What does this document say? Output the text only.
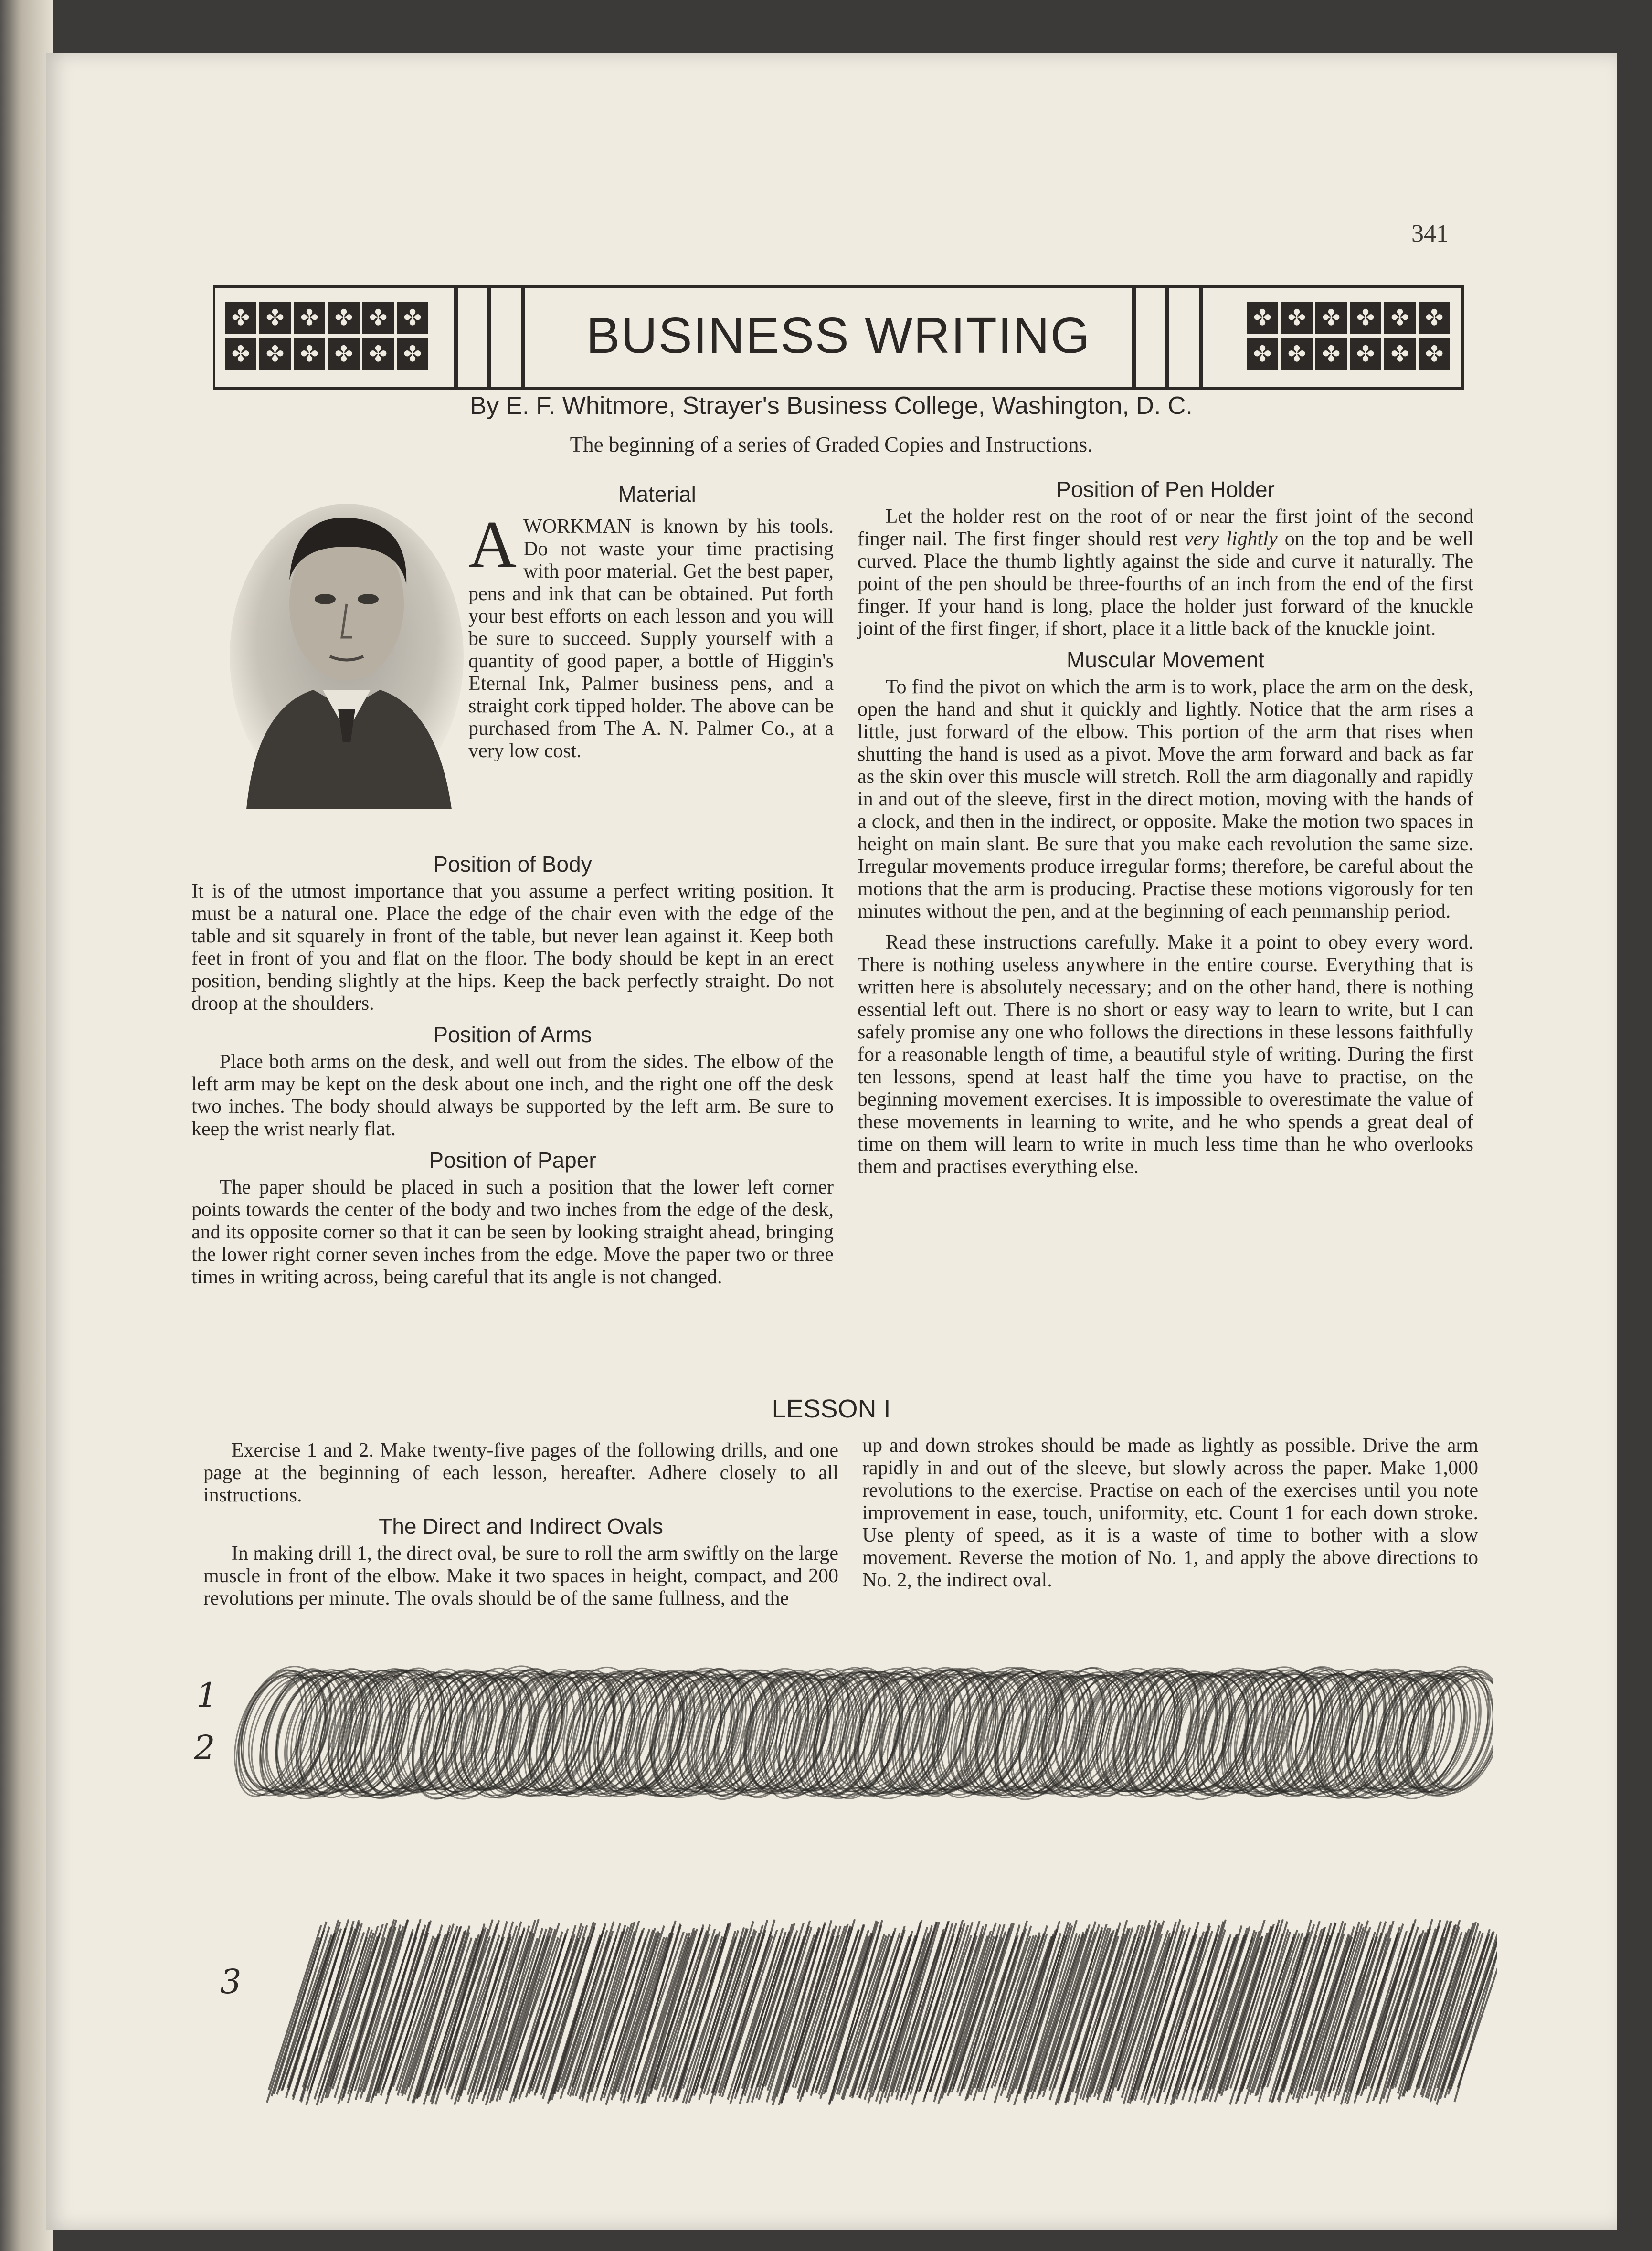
341
✤ ✤ ✤ ✤ ✤ ✤
✤ ✤ ✤ ✤ ✤ ✤	BUSINESS WRITING	✤ ✤ ✤ ✤ ✤ ✤
✤ ✤ ✤ ✤ ✤ ✤
By E. F. Whitmore, Strayer's Business College, Washington, D. C.
The beginning of a series of Graded Copies and Instructions.
Material
AWORKMAN is known by his tools. Do not waste your time practising with poor material. Get the best paper, pens and ink that can be obtained. Put forth your best efforts on each lesson and you will be sure to succeed. Supply yourself with a quantity of good paper, a bottle of Higgin's Eternal Ink, Palmer business pens, and a straight cork tipped holder. The above can be purchased from The A. N. Palmer Co., at a very low cost.
Position of Body

It is of the utmost importance that you assume a perfect writing position. It must be a natural one. Place the edge of the chair even with the edge of the table and sit squarely in front of the table, but never lean against it. Keep both feet in front of you and flat on the floor. The body should be kept in an erect position, bending slightly at the hips. Keep the back perfectly straight. Do not droop at the shoulders.

Position of Arms

Place both arms on the desk, and well out from the sides. The elbow of the left arm may be kept on the desk about one inch, and the right one off the desk two inches. The body should always be supported by the left arm. Be sure to keep the wrist nearly flat.

Position of Paper

The paper should be placed in such a position that the lower left corner points towards the center of the body and two inches from the edge of the desk, and its opposite corner so that it can be seen by looking straight ahead, bringing the lower right corner seven inches from the edge. Move the paper two or three times in writing across, being careful that its angle is not changed.

Position of Pen Holder

Let the holder rest on the root of or near the first joint of the second finger nail. The first finger should rest very lightly on the top and be well curved. Place the thumb lightly against the side and curve it naturally. The point of the pen should be three-fourths of an inch from the end of the first finger. If your hand is long, place the holder just forward of the knuckle joint of the first finger, if short, place it a little back of the knuckle joint.

Muscular Movement

To find the pivot on which the arm is to work, place the arm on the desk, open the hand and shut it quickly and lightly. Notice that the arm rises a little, just forward of the elbow. This portion of the arm that rises when shutting the hand is used as a pivot. Move the arm forward and back as far as the skin over this muscle will stretch. Roll the arm diagonally and rapidly in and out of the sleeve, first in the direct motion, moving with the hands of a clock, and then in the indirect, or opposite. Make the motion two spaces in height on main slant. Be sure that you make each revolution the same size. Irregular movements produce irregular forms; therefore, be careful about the motions that the arm is producing. Practise these motions vigorously for ten minutes without the pen, and at the beginning of each penmanship period.

Read these instructions carefully. Make it a point to obey every word. There is nothing useless anywhere in the entire course. Everything that is written here is absolutely necessary; and on the other hand, there is nothing essential left out. There is no short or easy way to learn to write, but I can safely promise any one who follows the directions in these lessons faithfully for a reasonable length of time, a beautiful style of writing. During the first ten lessons, spend at least half the time you have to practise, on the beginning movement exercises. It is impossible to overestimate the value of these movements in learning to write, and he who spends a great deal of time on them will learn to write in much less time than he who overlooks them and practises everything else.

LESSON I

Exercise 1 and 2. Make twenty-five pages of the following drills, and one page at the beginning of each lesson, hereafter. Adhere closely to all instructions.

The Direct and Indirect Ovals

In making drill 1, the direct oval, be sure to roll the arm swiftly on the large muscle in front of the elbow. Make it two spaces in height, compact, and 200 revolutions per minute. The ovals should be of the same fullness, and the

up and down strokes should be made as lightly as possible. Drive the arm rapidly in and out of the sleeve, but slowly across the paper. Make 1,000 revolutions to the exercise. Practise on each of the exercises until you note improvement in ease, touch, uniformity, etc. Count 1 for each down stroke. Use plenty of speed, as it is a waste of time to bother with a slow movement. Reverse the motion of No. 1, and apply the above directions to No. 2, the indirect oval.

1
2
3
